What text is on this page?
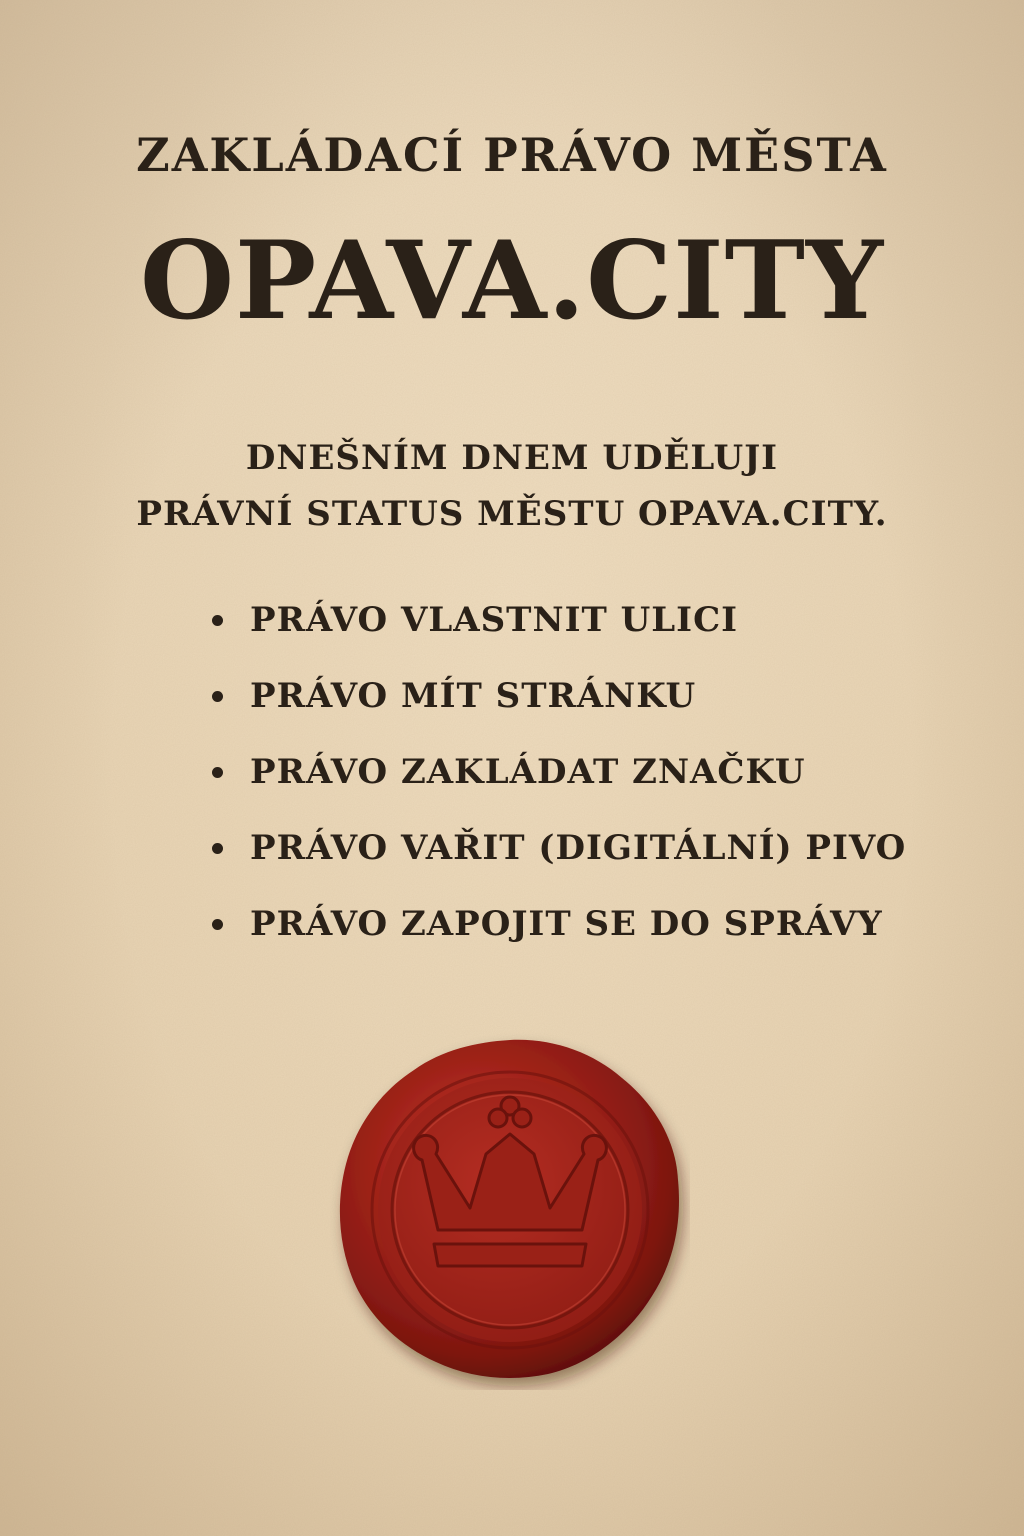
ZAKLÁDACÍ PRÁVO MĚSTA
OPAVA.CITY
DNEŠNÍM DNEM UDĚLUJI
PRÁVNÍ STATUS MĚSTU OPAVA.CITY.
PRÁVO VLASTNIT ULICI
PRÁVO MÍT STRÁNKU
PRÁVO ZAKLÁDAT ZNAČKU
PRÁVO VAŘIT (DIGITÁLNÍ) PIVO
PRÁVO ZAPOJIT SE DO SPRÁVY
